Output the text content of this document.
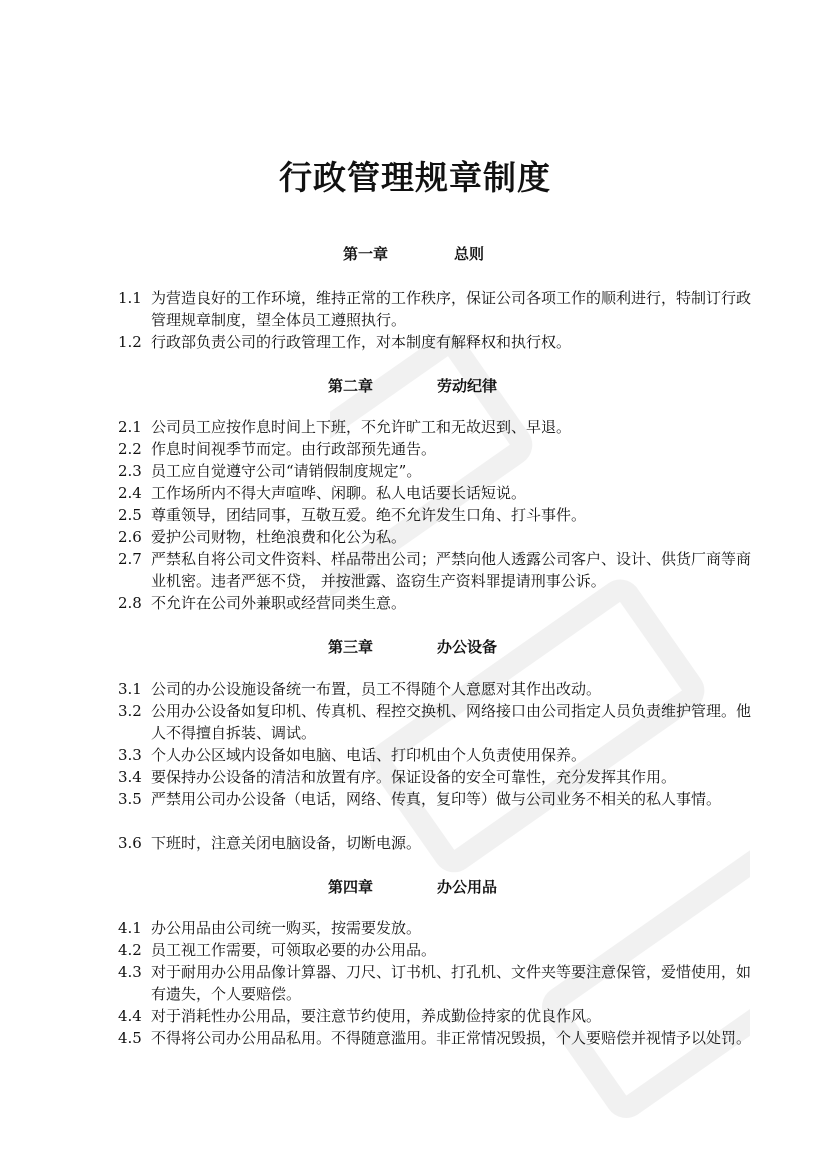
行政管理规章制度
第一章	总则
1.1 为营造良好的工作环境，维持正常的工作秩序，保证公司各项工作的顺利进行，特制订行政管理规章制度，望全体员工遵照执行。
1.2 行政部负责公司的行政管理工作，对本制度有解释权和执行权。
第二章	劳动纪律
2.1 公司员工应按作息时间上下班，不允许旷工和无故迟到、早退。
2.2 作息时间视季节而定。由行政部预先通告。
2.3 员工应自觉遵守公司“请销假制度规定”。
2.4 工作场所内不得大声喧哗、闲聊。私人电话要长话短说。
2.5 尊重领导，团结同事，互敬互爱。绝不允许发生口角、打斗事件。
2.6 爱护公司财物，杜绝浪费和化公为私。
2.7 严禁私自将公司文件资料、样品带出公司；严禁向他人透露公司客户、设计、供货厂商等商业机密。违者严惩不贷， 并按泄露、盗窃生产资料罪提请刑事公诉。
2.8 不允许在公司外兼职或经营同类生意。
第三章	办公设备
3.1 公司的办公设施设备统一布置，员工不得随个人意愿对其作出改动。
3.2 公用办公设备如复印机、传真机、程控交换机、网络接口由公司指定人员负责维护管理。他人不得擅自拆装、调试。
3.3 个人办公区域内设备如电脑、电话、打印机由个人负责使用保养。
3.4 要保持办公设备的清洁和放置有序。保证设备的安全可靠性，充分发挥其作用。
3.5 严禁用公司办公设备（电话，网络、传真，复印等）做与公司业务不相关的私人事情。
3.6 下班时，注意关闭电脑设备，切断电源。
第四章	办公用品
4.1 办公用品由公司统一购买，按需要发放。
4.2 员工视工作需要，可领取必要的办公用品。
4.3 对于耐用办公用品像计算器、刀尺、订书机、打孔机、文件夹等要注意保管，爱惜使用，如有遗失，个人要赔偿。
4.4 对于消耗性办公用品，要注意节约使用，养成勤俭持家的优良作风。
4.5 不得将公司办公用品私用。不得随意滥用。非正常情况毁损，个人要赔偿并视情予以处罚。
